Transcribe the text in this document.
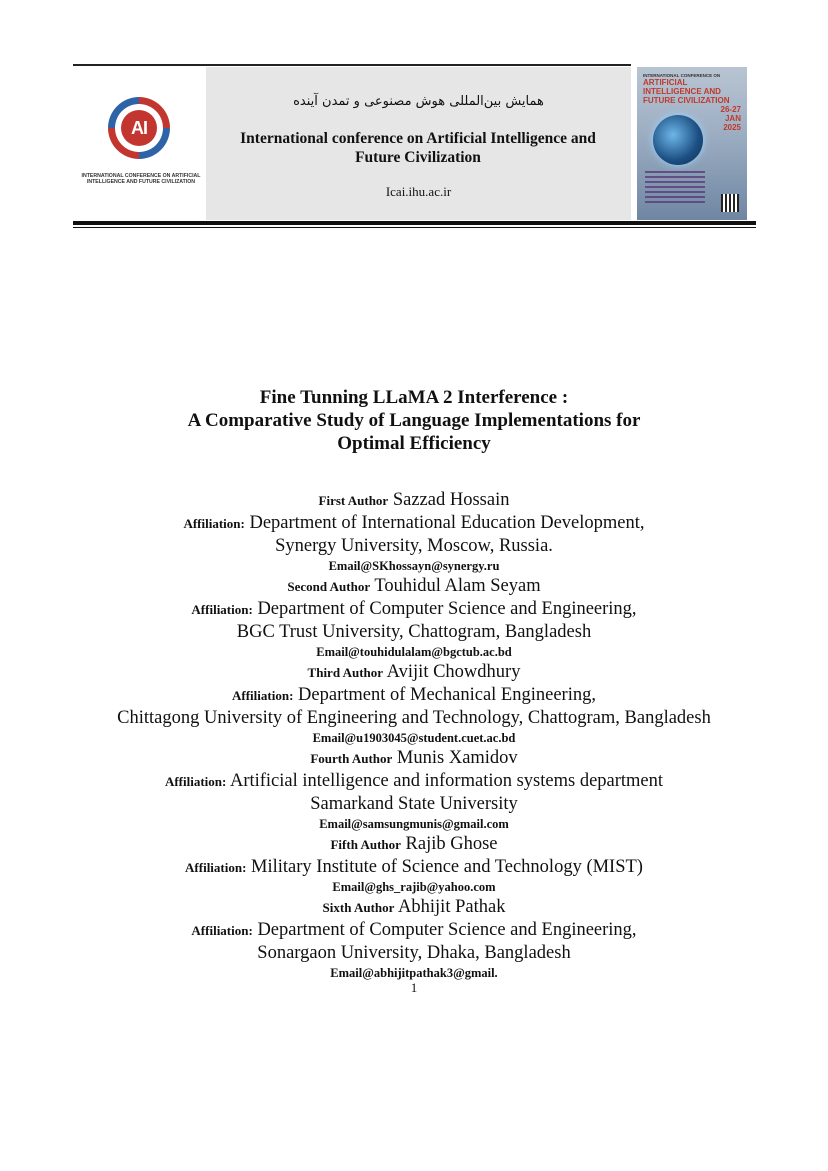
AI
INTERNATIONAL CONFERENCE ON ARTIFICIAL INTELLIGENCE AND FUTURE CIVILIZATION
همایش بین‌المللی هوش مصنوعی و تمدن آینده
International conference on Artificial Intelligence and Future Civilization
Icai.ihu.ac.ir
INTERNATIONAL CONFERENCE ON
ARTIFICIAL INTELLIGENCE AND FUTURE CIVILIZATION
26-27 JAN 2025
Fine Tunning LLaMA 2 Interference :
A Comparative Study of Language Implementations for
Optimal Efficiency
First Author Sazzad Hossain
Affiliation: Department of International Education Development,
Synergy University, Moscow, Russia.
Email@SKhossayn@synergy.ru
Second Author Touhidul Alam Seyam
Affiliation: Department of Computer Science and Engineering,
BGC Trust University, Chattogram, Bangladesh
Email@touhidulalam@bgctub.ac.bd
Third Author Avijit Chowdhury
Affiliation: Department of Mechanical Engineering,
Chittagong University of Engineering and Technology, Chattogram, Bangladesh
Email@u1903045@student.cuet.ac.bd
Fourth Author Munis Xamidov
Affiliation: Artificial intelligence and information systems department
Samarkand State University
Email@samsungmunis@gmail.com
Fifth Author Rajib Ghose
Affiliation: Military Institute of Science and Technology (MIST)
Email@ghs_rajib@yahoo.com
Sixth Author Abhijit Pathak
Affiliation: Department of Computer Science and Engineering,
Sonargaon University, Dhaka, Bangladesh
Email@abhijitpathak3@gmail.
1
